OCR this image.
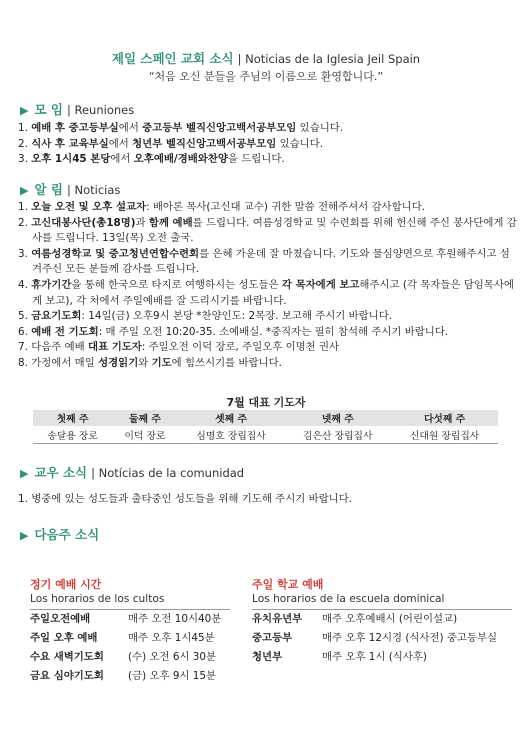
제일 스페인 교회 소식 | Noticias de la Iglesia Jeil Spain
“처음 오신 분들을 주님의 이름으로 환영합니다.”
▶ 모 임 | Reuniones
1. 예배 후 중고등부실에서 중고등부 벨직신앙고백서공부모임 있습니다.
2. 식사 후 교육부실에서 청년부 벨직신앙고백서공부모임 있습니다.
3. 오후 1시45 본당에서 오후예배/경배와찬양을 드립니다.
▶ 알 림 | Noticias
1. 오늘 오전 및 오후 설교자: 배아론 목사(고신대 교수) 귀한 말씀 전해주셔서 감사합니다.
2. 고신대봉사단(총18명)과 함께 예배를 드립니다. 여름성경학교 및 수련회를 위해 헌신해 주신 봉사단에게 감사를 드립니다. 13일(목) 오전 출국.
3. 여름성경학교 및 중고청년연합수련회를 은혜 가운데 잘 마쳤습니다. 기도와 물심양면으로 후원해주시고 섬겨주신 모든 분들께 감사를 드립니다.
4. 휴가기간을 통해 한국으로 타지로 여행하시는 성도들은 각 목자에게 보고해주시고 (각 목자들은 담임목사에게 보고), 각 처에서 주일예배를 잘 드리시기를 바랍니다.
5. 금요기도회: 14일(금) 오후9시 본당 *찬양인도: 2목장. 보고해 주시기 바랍니다.
6. 예배 전 기도회: 매 주일 오전 10:20-35. 소예배실. *중직자는 필히 참석해 주시기 바랍니다.
7. 다음주 예배 대표 기도자: 주일오전 이덕 장로, 주일오후 이명천 권사
8. 가정에서 매일 성경읽기와 기도에 힘쓰시기를 바랍니다.
7월 대표 기도자
첫째 주	둘째 주	셋째 주	넷째 주	다섯째 주
송달용 장로	이덕 장로	심명호 장립집사	김은산 장립집사	신대원 장립집사
▶ 교우 소식 | Notícias de la comunidad
1. 병중에 있는 성도들과 출타중인 성도들을 위해 기도해 주시기 바랍니다.
▶ 다음주 소식
정기 예배 시간
Los horarios de los cultos
주일오전예배	매주 오전 10시40분
주일 오후 예배	매주 오후 1시45분
수요 새벽기도회	(수) 오전 6시 30분
금요 심야기도회	(금) 오후 9시 15분
주일 학교 예배
Los horarios de la escuela dominical
유치유년부	매주 오후예배시 (어린이설교)
중고등부	매주 오후 12시경 (식사전) 중고등부실
청년부	매주 오후 1시 (식사후)
